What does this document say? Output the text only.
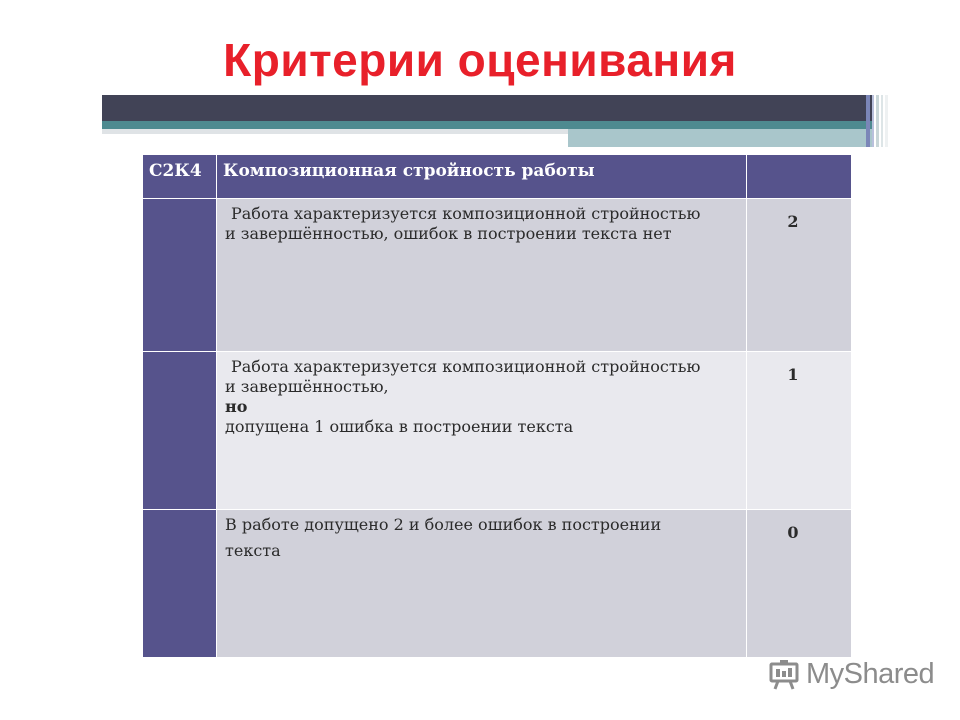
Критерии оценивания
С2К4	Композиционная стройность работы	

	Работа характеризуется композиционной стройностью
и завершённостью, ошибок в построении текста нет	2

	Работа характеризуется композиционной стройностью
и завершённостью,
но
допущена 1 ошибка в построении текста	1

	В работе допущено 2 и более ошибок в построении
текста	0
MyShared
